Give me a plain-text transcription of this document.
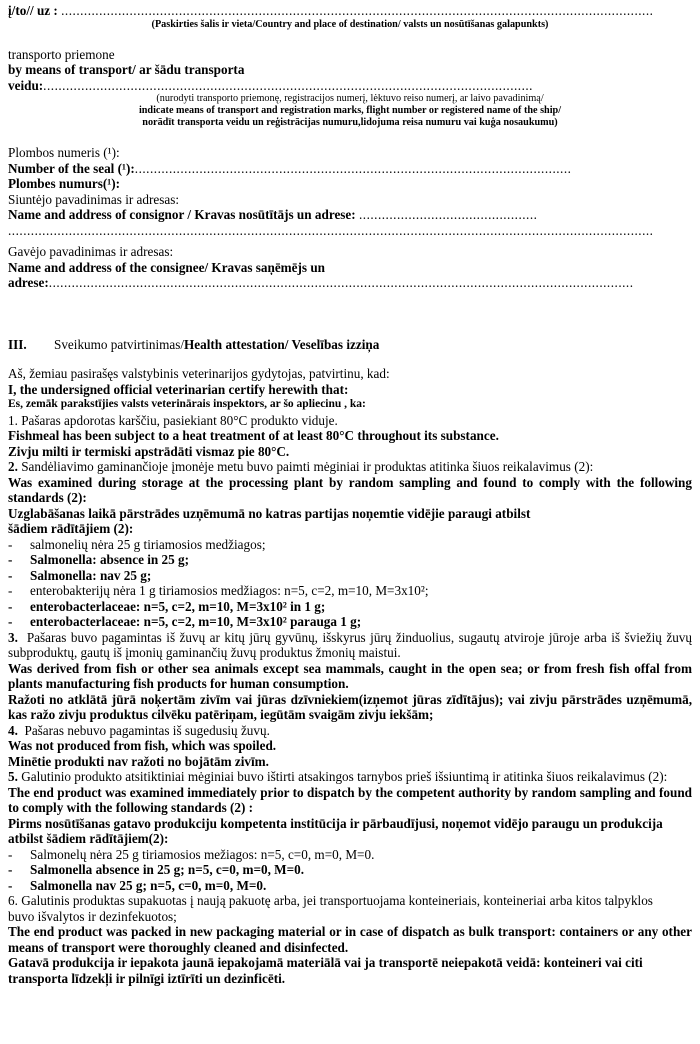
į/to// uz : ............................................................................................................................................................
(Paskirties šalis ir vieta/Country and place of destination/ valsts un nosūtīšanas galapunkts)
transporto priemone
by means of transport/ ar šādu transporta
veidu:.................................................................................................................................
(nurodyti transporto priemonę, registracijos numerį, lėktuvo reiso numerį, ar laivo pavadinimą/
indicate means of transport and registration marks, flight number or registered name of the ship/
norādīt transporta veidu un reģistrācijas numuru,lidojuma reisa numuru vai kuģa nosaukumu)
Plombos numeris (¹):
Number of the seal (¹):...................................................................................................................
Plombes numurs(¹):
Siuntėjo pavadinimas ir adresas:
Name and address of consignor / Kravas nosūtītājs un adrese: ...............................................
..........................................................................................................................................................................
Gavėjo pavadinimas ir adresas:
Name and address of the consignee/ Kravas saņēmējs un
adrese:..........................................................................................................................................................
III. Sveikumo patvirtinimas/Health attestation/ Veselības izziņa
Aš, žemiau pasirašęs valstybinis veterinarijos gydytojas, patvirtinu, kad:
I, the undersigned official veterinarian certify herewith that:
Es, zemāk parakstījies valsts veterinārais inspektors, ar šo apliecinu , ka:
1. Pašaras apdorotas karščiu, pasiekiant 80°C produkto viduje.
Fishmeal has been subject to a heat treatment of at least 80°C throughout its substance.
Zivju milti ir termiski apstrādāti vismaz pie 80°C.
2. Sandėliavimo gaminančioje įmonėje metu buvo paimti mėginiai ir produktas atitinka šiuos reikalavimus (2):
Was examined during storage at the processing plant by random sampling and found to comply with the following standards (2):
Uzglabāšanas laikā pārstrādes uzņēmumā no katras partijas noņemtie vidējie paraugi atbilst šādiem rādītājiem (2):
- salmonelių nėra 25 g tiriamosios medžiagos;
- Salmonella: absence in 25 g;
- Salmonella: nav 25 g;
- enterobakterijų nėra 1 g tiriamosios medžiagos: n=5, c=2, m=10, M=3x10²;
- enterobacterlaceae: n=5, c=2, m=10, M=3x10² in 1 g;
- enterobacterlaceae: n=5, c=2, m=10, M=3x10² parauga 1 g;
3. Pašaras buvo pagamintas iš žuvų ar kitų jūrų gyvūnų, išskyrus jūrų žinduolius, sugautų atviroje jūroje arba iš šviežių žuvų subproduktų, gautų iš įmonių gaminančių žuvų produktus žmonių maistui.
Was derived from fish or other sea animals except sea mammals, caught in the open sea; or from fresh fish offal from plants manufacturing fish products for human consumption.
Ražoti no atklātā jūrā noķertām zivīm vai jūras dzīvniekiem(izņemot jūras zīdītājus); vai zivju pārstrādes uzņēmumā, kas ražo zivju produktus cilvēku patēriņam, iegūtām svaigām zivju iekšām;
4. Pašaras nebuvo pagamintas iš sugedusių žuvų.
Was not produced from fish, which was spoiled.
Minētie produkti nav ražoti no bojātām zivīm.
5. Galutinio produkto atsitiktiniai mėginiai buvo ištirti atsakingos tarnybos prieš išsiuntimą ir atitinka šiuos reikalavimus (2):
The end product was examined immediately prior to dispatch by the competent authority by random sampling and found to comply with the following standards (2) :
Pirms nosūtīšanas gatavo produkciju kompetenta institūcija ir pārbaudījusi, noņemot vidējo paraugu un produkcija atbilst šādiem rādītājiem(2):
- Salmonelų nėra 25 g tiriamosios mežiagos: n=5, c=0, m=0, M=0.
- Salmonella absence in 25 g; n=5, c=0, m=0, M=0.
- Salmonella nav 25 g; n=5, c=0, m=0, M=0.
6. Galutinis produktas supakuotas į naują pakuotę arba, jei transportuojama konteineriais, konteineriai arba kitos talpyklos buvo išvalytos ir dezinfekuotos;
The end product was packed in new packaging material or in case of dispatch as bulk transport: containers or any other means of transport were thoroughly cleaned and disinfected.
Gatavā produkcija ir iepakota jaunā iepakojamā materiālā vai ja transportē neiepakotā veidā: konteineri vai citi transporta līdzekļi ir pilnīgi iztīrīti un dezinficēti.
